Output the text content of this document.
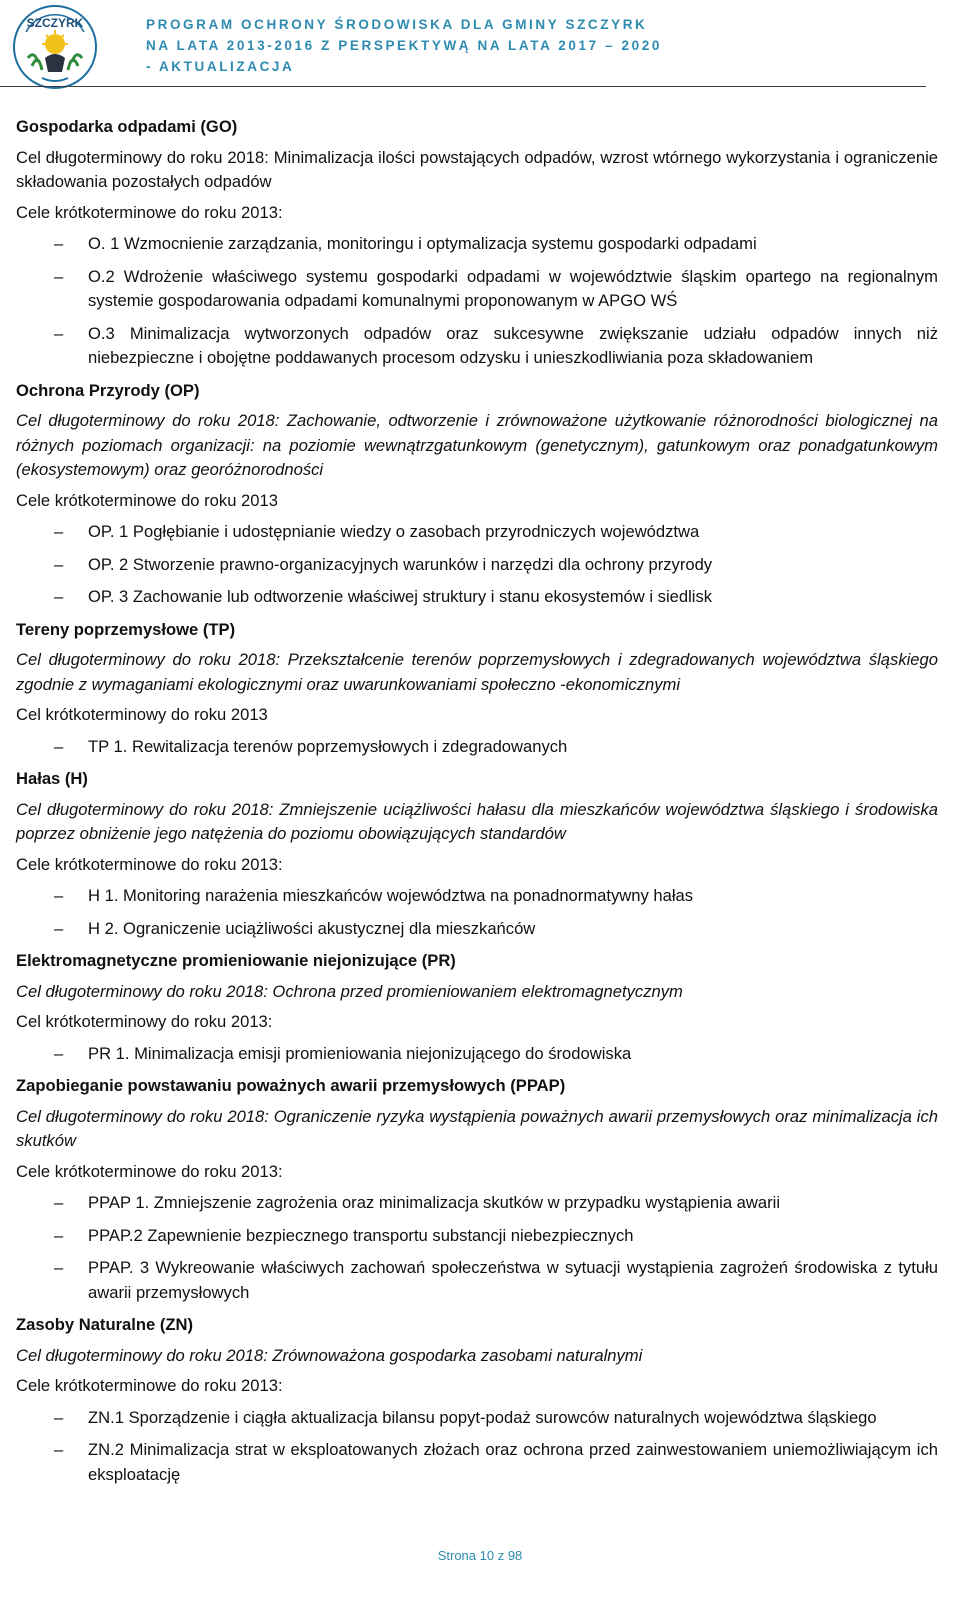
SZCZYRK	PROGRAM OCHRONY ŚRODOWISKA DLA GMINY SZCZYRK
NA LATA 2013-2016 Z PERSPEKTYWĄ NA LATA 2017 – 2020
- AKTUALIZACJA
Gospodarka odpadami (GO)

Cel długoterminowy do roku 2018: Minimalizacja ilości powstających odpadów, wzrost wtórnego wykorzystania i ograniczenie składowania pozostałych odpadów

Cele krótkoterminowe do roku 2013:
– O. 1 Wzmocnienie zarządzania, monitoringu i optymalizacja systemu gospodarki odpadami
– O.2 Wdrożenie właściwego systemu gospodarki odpadami w województwie śląskim opartego na regionalnym systemie gospodarowania odpadami komunalnymi proponowanym w APGO WŚ
– O.3 Minimalizacja wytworzonych odpadów oraz sukcesywne zwiększanie udziału odpadów innych niż niebezpieczne i obojętne poddawanych procesom odzysku i unieszkodliwiania poza składowaniem
Ochrona Przyrody (OP)

Cel długoterminowy do roku 2018: Zachowanie, odtworzenie i zrównoważone użytkowanie różnorodności biologicznej na różnych poziomach organizacji: na poziomie wewnątrzgatunkowym (genetycznym), gatunkowym oraz ponadgatunkowym (ekosystemowym) oraz georóżnorodności

Cele krótkoterminowe do roku 2013
– OP. 1 Pogłębianie i udostępnianie wiedzy o zasobach przyrodniczych województwa
– OP. 2 Stworzenie prawno-organizacyjnych warunków i narzędzi dla ochrony przyrody
– OP. 3 Zachowanie lub odtworzenie właściwej struktury i stanu ekosystemów i siedlisk
Tereny poprzemysłowe (TP)

Cel długoterminowy do roku 2018: Przekształcenie terenów poprzemysłowych i zdegradowanych województwa śląskiego zgodnie z wymaganiami ekologicznymi oraz uwarunkowaniami społeczno -ekonomicznymi

Cel krótkoterminowy do roku 2013
– TP 1. Rewitalizacja terenów poprzemysłowych i zdegradowanych
Hałas (H)

Cel długoterminowy do roku 2018: Zmniejszenie uciążliwości hałasu dla mieszkańców województwa śląskiego i środowiska poprzez obniżenie jego natężenia do poziomu obowiązujących standardów

Cele krótkoterminowe do roku 2013:
– H 1. Monitoring narażenia mieszkańców województwa na ponadnormatywny hałas
– H 2. Ograniczenie uciążliwości akustycznej dla mieszkańców
Elektromagnetyczne promieniowanie niejonizujące (PR)

Cel długoterminowy do roku 2018: Ochrona przed promieniowaniem elektromagnetycznym

Cel krótkoterminowy do roku 2013:
– PR 1. Minimalizacja emisji promieniowania niejonizującego do środowiska
Zapobieganie powstawaniu poważnych awarii przemysłowych (PPAP)

Cel długoterminowy do roku 2018: Ograniczenie ryzyka wystąpienia poważnych awarii przemysłowych oraz minimalizacja ich skutków

Cele krótkoterminowe do roku 2013:
– PPAP 1. Zmniejszenie zagrożenia oraz minimalizacja skutków w przypadku wystąpienia awarii
– PPAP.2 Zapewnienie bezpiecznego transportu substancji niebezpiecznych
– PPAP. 3 Wykreowanie właściwych zachowań społeczeństwa w sytuacji wystąpienia zagrożeń środowiska z tytułu awarii przemysłowych
Zasoby Naturalne (ZN)

Cel długoterminowy do roku 2018: Zrównoważona gospodarka zasobami naturalnymi

Cele krótkoterminowe do roku 2013:
– ZN.1 Sporządzenie i ciągła aktualizacja bilansu popyt-podaż surowców naturalnych województwa śląskiego
– ZN.2 Minimalizacja strat w eksploatowanych złożach oraz ochrona przed zainwestowaniem uniemożliwiającym ich eksploatację
Strona 10 z 98
